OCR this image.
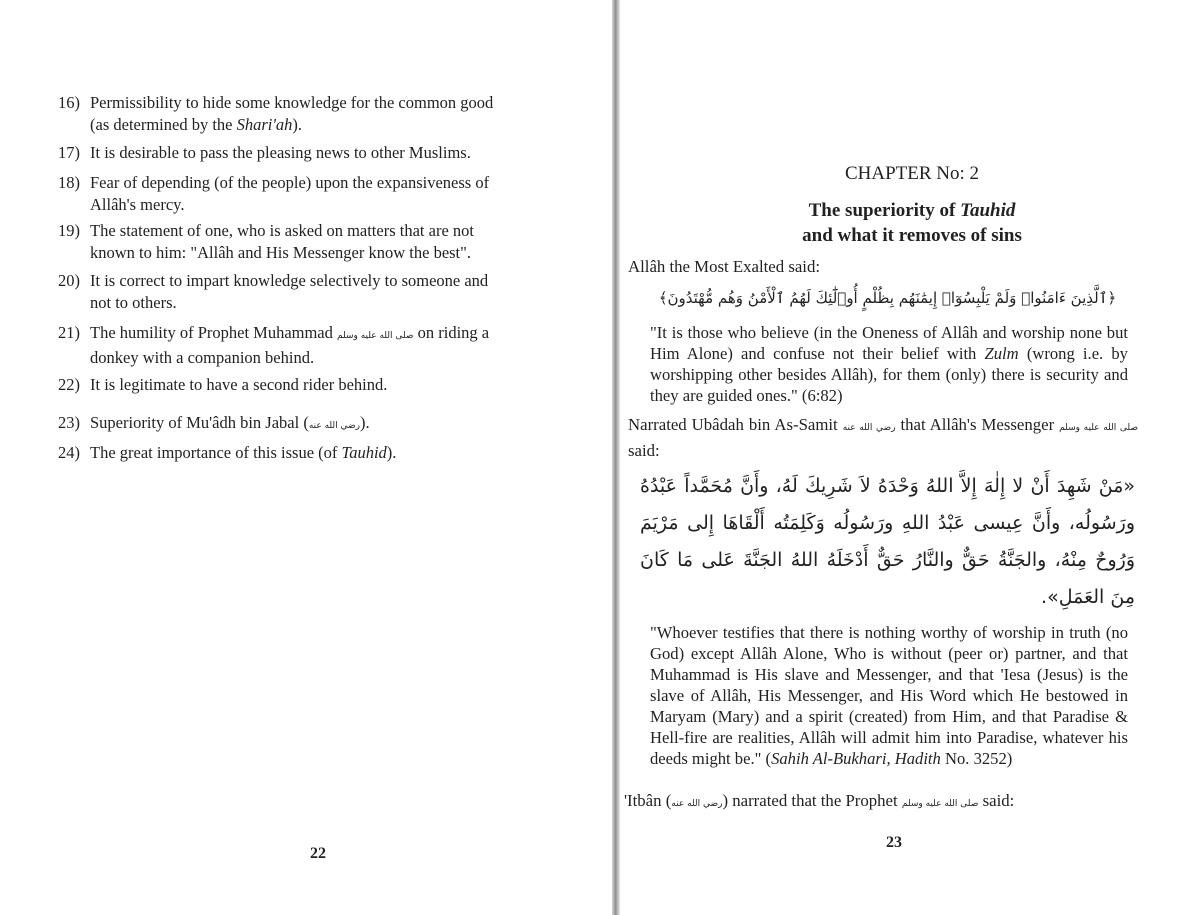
16) Permissibility to hide some knowledge for the common good
(as determined by the Shari'ah).
17) It is desirable to pass the pleasing news to other Muslims.
18) Fear of depending (of the people) upon the expansiveness of
Allâh's mercy.
19) The statement of one, who is asked on matters that are not
known to him: "Allâh and His Messenger know the best".
20) It is correct to impart knowledge selectively to someone and
not to others.
21) The humility of Prophet Muhammad صلى الله عليه وسلم on riding a
donkey with a companion behind.
22) It is legitimate to have a second rider behind.
23) Superiority of Mu'âdh bin Jabal (رضي الله عنه).
24) The great importance of this issue (of Tauhid).
22
CHAPTER No: 2
The superiority of Tauhid
and what it removes of sins
Allâh the Most Exalted said:
﴿ٱلَّذِينَ ءَامَنُوا۟ وَلَمْ يَلْبِسُوٓا۟ إِيمَٰنَهُم بِظُلْمٍ أُو۟لَٰٓئِكَ لَهُمُ ٱلْأَمْنُ وَهُم مُّهْتَدُونَ﴾
"It is those who believe (in the Oneness of Allâh and worship none but Him Alone) and confuse not their belief with Zulm (wrong i.e. by worshipping other besides Allâh), for them (only) there is security and they are guided ones." (6:82)
Narrated Ubâdah bin As-Samit رضي الله عنه that Allâh's Messenger صلى الله عليه وسلم said:
«مَنْ شَهِدَ أَنْ لا إِلٰهَ إِلاَّ اللهُ وَحْدَهُ لاَ شَرِيكَ لَهُ، وأَنَّ مُحَمَّداً عَبْدُهُ ورَسُولُه، وأَنَّ عِيسى عَبْدُ اللهِ ورَسُولُه وَكَلِمَتُه أَلْقَاهَا إِلى مَرْيَمَ وَرُوحٌ مِنْهُ، والجَنَّةُ حَقٌّ والنَّارُ حَقٌّ أَدْخَلَهُ اللهُ الجَنَّةَ عَلى مَا كَانَ مِنَ العَمَلِ».
"Whoever testifies that there is nothing worthy of worship in truth (no God) except Allâh Alone, Who is without (peer or) partner, and that Muhammad is His slave and Messenger, and that 'Iesa (Jesus) is the slave of Allâh, His Messenger, and His Word which He bestowed in Maryam (Mary) and a spirit (created) from Him, and that Paradise & Hell-fire are realities, Allâh will admit him into Paradise, whatever his deeds might be." (Sahih Al-Bukhari, Hadith No. 3252)
'Itbân (رضي الله عنه) narrated that the Prophet صلى الله عليه وسلم said:
23
